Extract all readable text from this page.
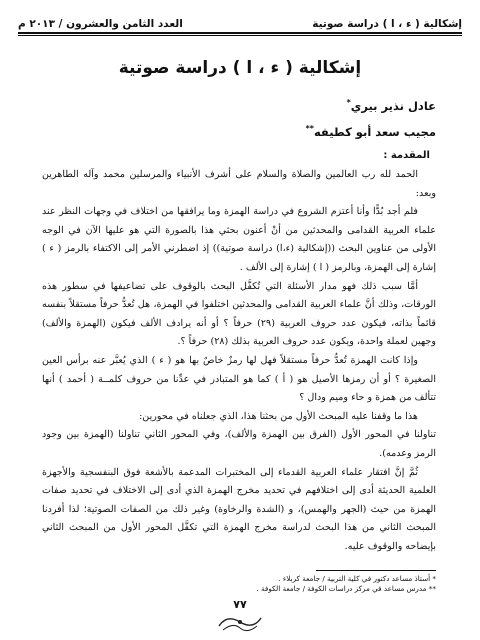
إشكالية ( ء ، ا ) دراسة صوتية
العدد الثامن والعشرون / ٢٠١٣ م
إشكالية ( ء ، ا ) دراسة صوتية
عادل نذير بيري*
مجيب سعد أبو كطيفه**
المقدمة :

الحمد لله رب العالمين والصلاة والسلام على أشرف الأنبياء والمرسلين محمد وآله الطاهرين وبعد:

فلم أجد بُدًّا وأنا أعتزم الشروع في دراسة الهمزة وما يرافقها من اختلاف في وجهات النظر عند علماء العربية القدامى والمحدثين من أنْ أعنون بحثي هذا بالصورة التي هو عليها الآن في الوجه الأولى من عناوين البحث ((إشكالية (ء،ا) دراسة صوتية)) إذ اضطرني الأمر إلى الاكتفاء بالرمز ( ء ) إشارة إلى الهمزة، وبالرمز ( ا ) إشارة إلى الألف .

أمَّا سبب ذلك فهو مدار الأسئلة التي تُكفَّل البحث بالوقوف على تضاعيفها في سطور هذه الورقات، وذلك أنَّ علماء العربية القدامى والمحدثين اختلفوا في الهمزة، هل تُعدُّ حرفاً مستقلاً بنفسه قائماً بذاته، فيكون عدد حروف العربية (٢٩) حرفاً ؟ أو أنه يرادف الألف فيكون (الهمزة والألف) وجهين لعملة واحدة، ويكون عدد حروف العربية بذلك (٢٨) حرفاً ؟.

وإذا كانت الهمزة تُعدُّ حرفاً مستقلاً فهل لها رمزٌ خاصٌ بها هو ( ء ) الذي يُعبَّر عنه برأس العين الصغيرة ؟ أو أن رمزها الأصيل هو ( أ ) كما هو المتبادر في عدِّنا من حروف كلمــة ( أحمد ) أنها تتألف من همزة و حاء وميم ودال ؟

هذا ما وقفنا عليه المبحث الأول من بحثنا هذا، الذي جعلناه في محورين:

تناولنا في المحور الأول (الفرق بين الهمزة والألف)، وفي المحور الثاني تناولنا (الهمزة بين وجود الرمز وعدمه).

ثُمَّ إنَّ افتقار علماء العربية القدماء إلى المختبرات المدعمة بالأشعة فوق البنفسجية والأجهزة العلمية الحديثة أدى إلى اختلافهم في تحديد مخرج الهمزة الذي أدى إلى الاختلاف في تحديد صفات الهمزة من حيث (الجهر والهمس)، و (الشدة والرخاوة) وغير ذلك من الصفات الصوتية؛ لذا أفردنا المبحث الثاني من هذا البحث لدراسة مخرج الهمزة التي تكفَّل المحور الأول من المبحث الثاني بإيضاحه والوقوف عليه.

* أستاذ مساعد دكتور في كلية التربية / جامعة كربلاء .
** مدرس مساعد في مركز دراسات الكوفة / جامعة الكوفة .
٧٧
